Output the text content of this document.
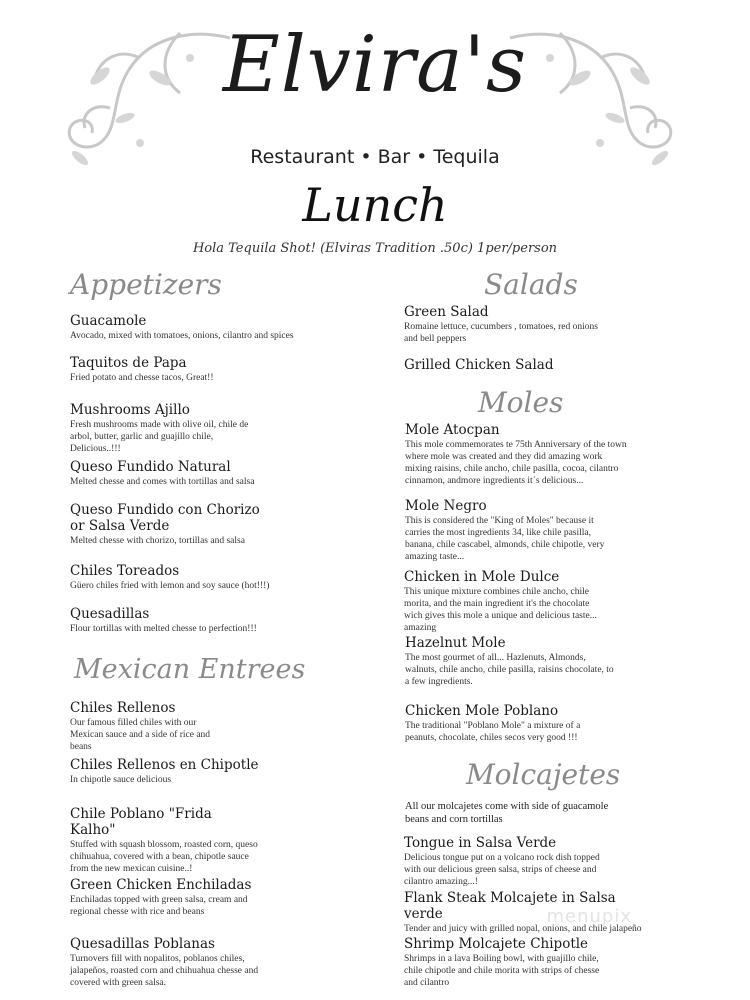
Elvira's
Restaurant • Bar • Tequila
Lunch
Hola Tequila Shot! (Elviras Tradition .50c) 1per/person
Appetizers
Guacamole
Avocado, mixed with tomatoes, onions, cilantro and spices
Taquitos de Papa
Fried potato and chesse tacos, Great!!
Mushrooms Ajillo
Fresh mushrooms made with olive oil, chile de arbol, butter, garlic and guajillo chile, Delicious..!!!
Queso Fundido Natural
Melted chesse and comes with tortillas and salsa
Queso Fundido con Chorizo or Salsa Verde
Melted chesse with chorizo, tortillas and salsa
Chiles Toreados
Güero chiles fried with lemon and soy sauce (hot!!!)
Quesadillas
Flour tortillas with melted chesse to perfection!!!
Mexican Entrees
Chiles Rellenos
Our famous filled chiles with our Mexican sauce and a side of rice and beans
Chiles Rellenos en Chipotle
In chipotle sauce delicious
Chile Poblano "Frida Kalho"
Stuffed with squash blossom, roasted corn, queso chihuahua, covered with a bean, chipotle sauce from the new mexican cuisine..!
Green Chicken Enchiladas
Enchiladas topped with green salsa, cream and regional chesse with rice and beans
Quesadillas Poblanas
Turnovers fill with nopalitos, poblanos chiles, jalapeños, roasted corn and chihuahua chesse and covered with green salsa.
Salads
Green Salad
Romaine lettuce, cucumbers , tomatoes, red onions and bell peppers
Grilled Chicken Salad
Moles
Mole Atocpan
This mole commemorates te 75th Anniversary of the town where mole was created and they did amazing work mixing raisins, chile ancho, chile pasilla, cocoa, cilantro cinnamon, andmore ingredients it´s delicious...
Mole Negro
This is considered the "King of Moles" because it carries the most ingredients 34, like chile pasilla, banana, chile cascabel, almonds, chile chipotle, very amazing taste...
Chicken in Mole Dulce
This unique mixture combines chile ancho, chile morita, and the main ingredient it's the chocolate wich gives this mole a unique and delicious taste... amazing
Hazelnut Mole
The most gourmet of all... Hazlenuts, Almonds, walnuts, chile ancho, chile pasilla, raisins chocolate, to a few ingredients.
Chicken Mole Poblano
The traditional "Poblano Mole" a mixture of a peanuts, chocolate, chiles secos very good !!!
Molcajetes
All our molcajetes come with side of guacamole beans and corn tortillas
Tongue in Salsa Verde
Delicious tongue put on a volcano rock dish topped with our delicious green salsa, strips of cheese and cilantro amazing...!
Flank Steak Molcajete in Salsa verde
Tender and juicy with grilled nopal, onions, and chile jalapeño
Shrimp Molcajete Chipotle
Shrimps in a lava Boiling bowl, with guajillo chile, chile chipotle and chile morita with strips of chesse and cilantro
menupix
